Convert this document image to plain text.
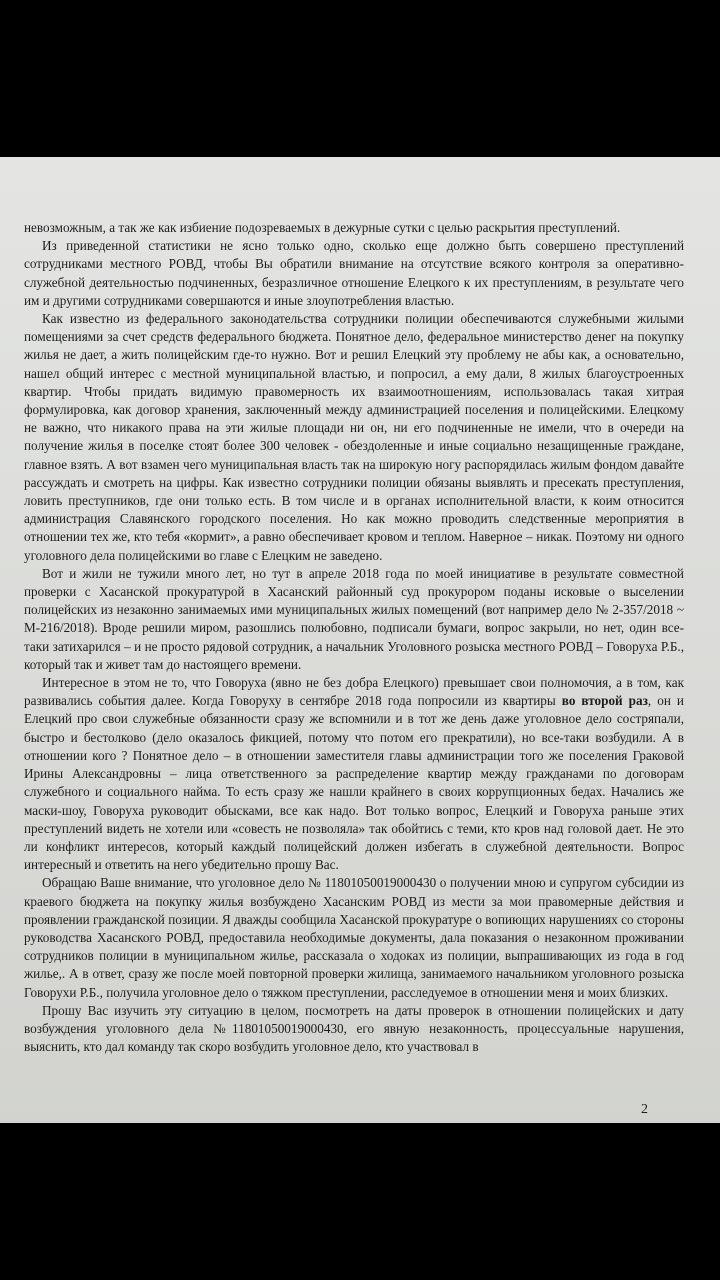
невозможным, а так же как избиение подозреваемых в дежурные сутки с целью раскрытия преступлений.

Из приведенной статистики не ясно только одно, сколько еще должно быть совершено преступлений сотрудниками местного РОВД, чтобы Вы обратили внимание на отсутствие всякого контроля за оперативно-служебной деятельностью подчиненных, безразличное отношение Елецкого к их преступлениям, в результате чего им и другими сотрудниками совершаются и иные злоупотребления властью.

Как известно из федерального законодательства сотрудники полиции обеспечиваются служебными жилыми помещениями за счет средств федерального бюджета. Понятное дело, федеральное министерство денег на покупку жилья не дает, а жить полицейским где-то нужно. Вот и решил Елецкий эту проблему не абы как, а основательно, нашел общий интерес с местной муниципальной властью, и попросил, а ему дали, 8 жилых благоустроенных квартир. Чтобы придать видимую правомерность их взаимоотношениям, использовалась такая хитрая формулировка, как договор хранения, заключенный между администрацией поселения и полицейскими. Елецкому не важно, что никакого права на эти жилые площади ни он, ни его подчиненные не имели, что в очереди на получение жилья в поселке стоят более 300 человек - обездоленные и иные социально незащищенные граждане, главное взять. А вот взамен чего муниципальная власть так на широкую ногу распорядилась жилым фондом давайте рассуждать и смотреть на цифры. Как известно сотрудники полиции обязаны выявлять и пресекать преступления, ловить преступников, где они только есть. В том числе и в органах исполнительной власти, к коим относится администрация Славянского городского поселения. Но как можно проводить следственные мероприятия в отношении тех же, кто тебя «кормит», а равно обеспечивает кровом и теплом. Наверное – никак. Поэтому ни одного уголовного дела полицейскими во главе с Елецким не заведено.

Вот и жили не тужили много лет, но тут в апреле 2018 года по моей инициативе в результате совместной проверки с Хасанской прокуратурой в Хасанский районный суд прокурором поданы исковые о выселении полицейских из незаконно занимаемых ими муниципальных жилых помещений (вот например дело № 2-357/2018 ~ М-216/2018). Вроде решили миром, разошлись полюбовно, подписали бумаги, вопрос закрыли, но нет, один все-таки затихарился – и не просто рядовой сотрудник, а начальник Уголовного розыска местного РОВД – Говоруха Р.Б., который так и живет там до настоящего времени.

Интересное в этом не то, что Говоруха (явно не без добра Елецкого) превышает свои полномочия, а в том, как развивались события далее. Когда Говоруху в сентябре 2018 года попросили из квартиры во второй раз, он и Елецкий про свои служебные обязанности сразу же вспомнили и в тот же день даже уголовное дело состряпали, быстро и бестолково (дело оказалось фикцией, потому что потом его прекратили), но все-таки возбудили. А в отношении кого ? Понятное дело – в отношении заместителя главы администрации того же поселения Граковой Ирины Александровны – лица ответственного за распределение квартир между гражданами по договорам служебного и социального найма. То есть сразу же нашли крайнего в своих коррупционных бедах. Начались же маски-шоу, Говоруха руководит обысками, все как надо. Вот только вопрос, Елецкий и Говоруха раньше этих преступлений видеть не хотели или «совесть не позволяла» так обойтись с теми, кто кров над головой дает. Не это ли конфликт интересов, который каждый полицейский должен избегать в служебной деятельности. Вопрос интересный и ответить на него убедительно прошу Вас.

Обращаю Ваше внимание, что уголовное дело № 11801050019000430 о получении мною и супругом субсидии из краевого бюджета на покупку жилья возбуждено Хасанским РОВД из мести за мои правомерные действия и проявлении гражданской позиции. Я дважды сообщила Хасанской прокуратуре о вопиющих нарушениях со стороны руководства Хасанского РОВД, предоставила необходимые документы, дала показания о незаконном проживании сотрудников полиции в муниципальном жилье, рассказала о ходоках из полиции, выпрашивающих из года в год жилье,. А в ответ, сразу же после моей повторной проверки жилища, занимаемого начальником уголовного розыска Говорухи Р.Б., получила уголовное дело о тяжком преступлении, расследуемое в отношении меня и моих близких.

Прошу Вас изучить эту ситуацию в целом, посмотреть на даты проверок в отношении полицейских и дату возбуждения уголовного дела №11801050019000430, его явную незаконность, процессуальные нарушения, выяснить, кто дал команду так скоро возбудить уголовное дело, кто участвовал в

2
